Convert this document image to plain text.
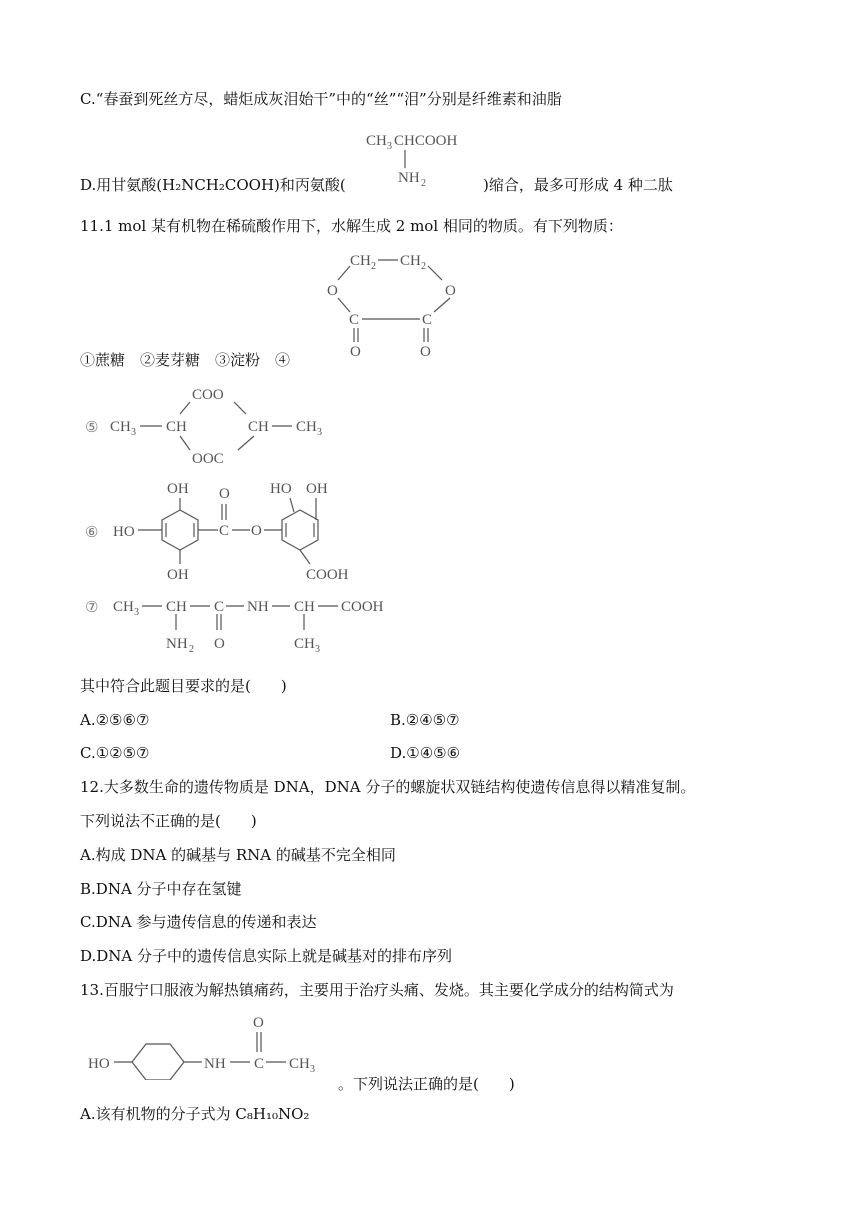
C.“春蚕到死丝方尽，蜡炬成灰泪始干”中的“丝”“泪”分别是纤维素和油脂
CH 3 CHCOOH
NH 2
D.用甘氨酸(H₂NCH₂COOH)和丙氨酸(	)缩合，最多可形成 4 种二肽
11.1 mol 某有机物在稀硫酸作用下，水解生成 2 mol 相同的物质。有下列物质：
CH 2 CH 2
O	O
C	C
O	O
①蔗糖　②麦芽糖　③淀粉　④
⑤
COO
CH 3 CH	CH CH 3
OOC
⑥
OH
HO
OH
C
O
O
HO OH
COOH
⑦ CH 3 CH C NH CH COOH
NH 2 O	CH 3
其中符合此题目要求的是(　　)
A.②⑤⑥⑦	B.②④⑤⑦
C.①②⑤⑦	D.①④⑤⑥
12.大多数生命的遗传物质是 DNA，DNA 分子的螺旋状双链结构使遗传信息得以精准复制。
下列说法不正确的是(　　)
A.构成 DNA 的碱基与 RNA 的碱基不完全相同
B.DNA 分子中存在氢键
C.DNA 参与遗传信息的传递和表达
D.DNA 分子中的遗传信息实际上就是碱基对的排布序列
13.百服宁口服液为解热镇痛药，主要用于治疗头痛、发烧。其主要化学成分的结构简式为
HO	NH C
O
CH 3
。下列说法正确的是(　　)
A.该有机物的分子式为 C₈H₁₀NO₂
